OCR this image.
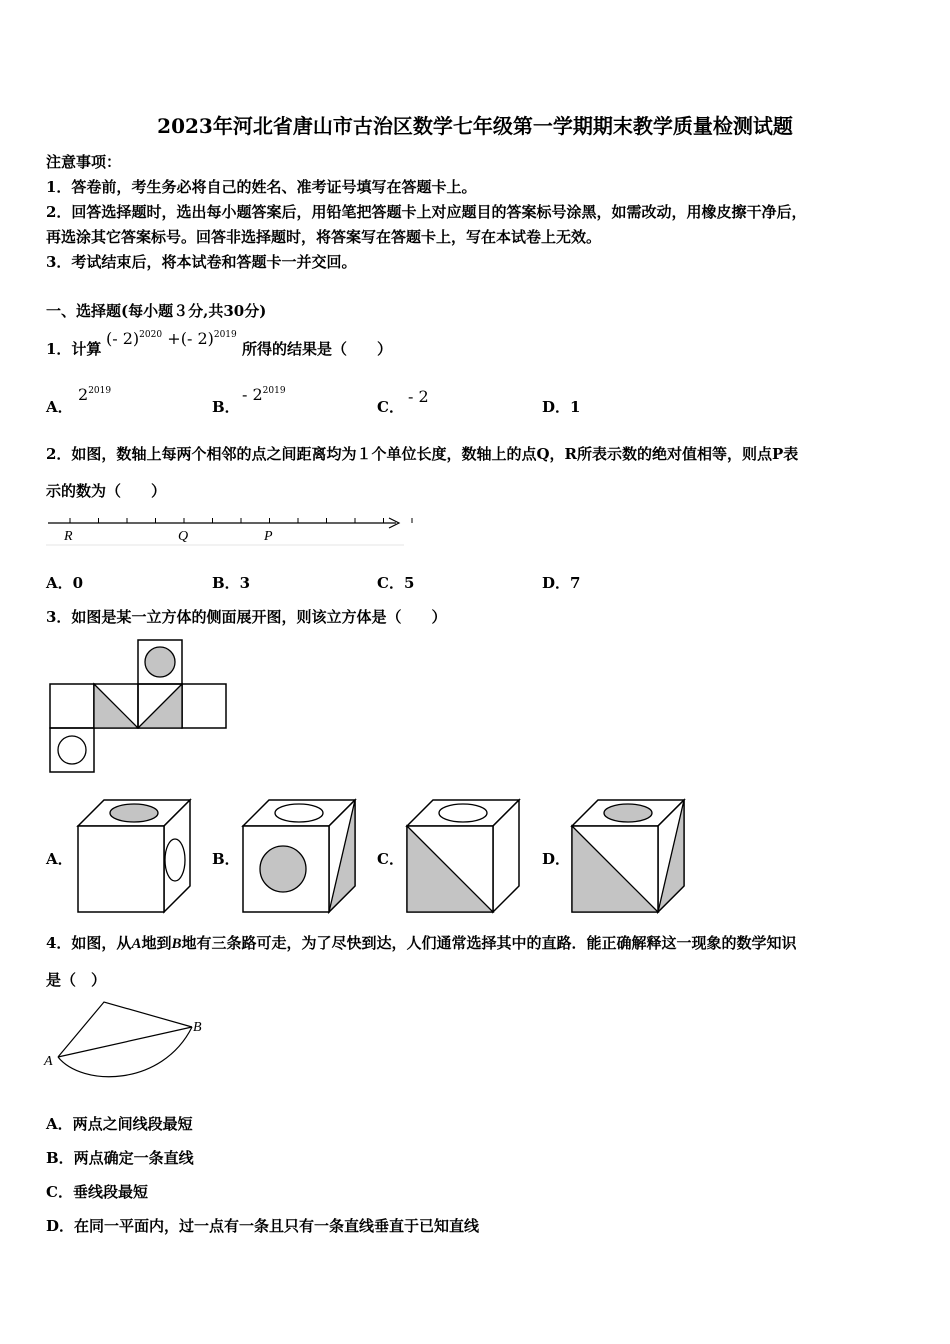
2023年河北省唐山市古治区数学七年级第一学期期末教学质量检测试题
注意事项：
1．答卷前，考生务必将自己的姓名、准考证号填写在答题卡上。
2．回答选择题时，选出每小题答案后，用铅笔把答题卡上对应题目的答案标号涂黑，如需改动，用橡皮擦干净后，
再选涂其它答案标号。回答非选择题时，将答案写在答题卡上，写在本试卷上无效。
3．考试结束后，将本试卷和答题卡一并交回。
一、选择题(每小题３分,共30分)
1．计算
(- 2)$^{2020}$ +(- 2)$^{2019}$
所得的结果是（　　）
A．
$2^{2019}$
B．
- $2^{2019}$
C．
- 2
D．1
2．如图，数轴上每两个相邻的点之间距离均为１个单位长度，数轴上的点Q，R所表示数的绝对值相等，则点P表
示的数为（　　）
R	Q	P
A．0	B．3	C．5	D．7
3．如图是某一立方体的侧面展开图，则该立方体是（　　）
A．	B．	C．	D．
4．如图，从A地到B地有三条路可走，为了尽快到达，人们通常选择其中的直路．能正确解释这一现象的数学知识
是（　）
A
B
A．两点之间线段最短
B．两点确定一条直线
C．垂线段最短
D．在同一平面内，过一点有一条且只有一条直线垂直于已知直线
